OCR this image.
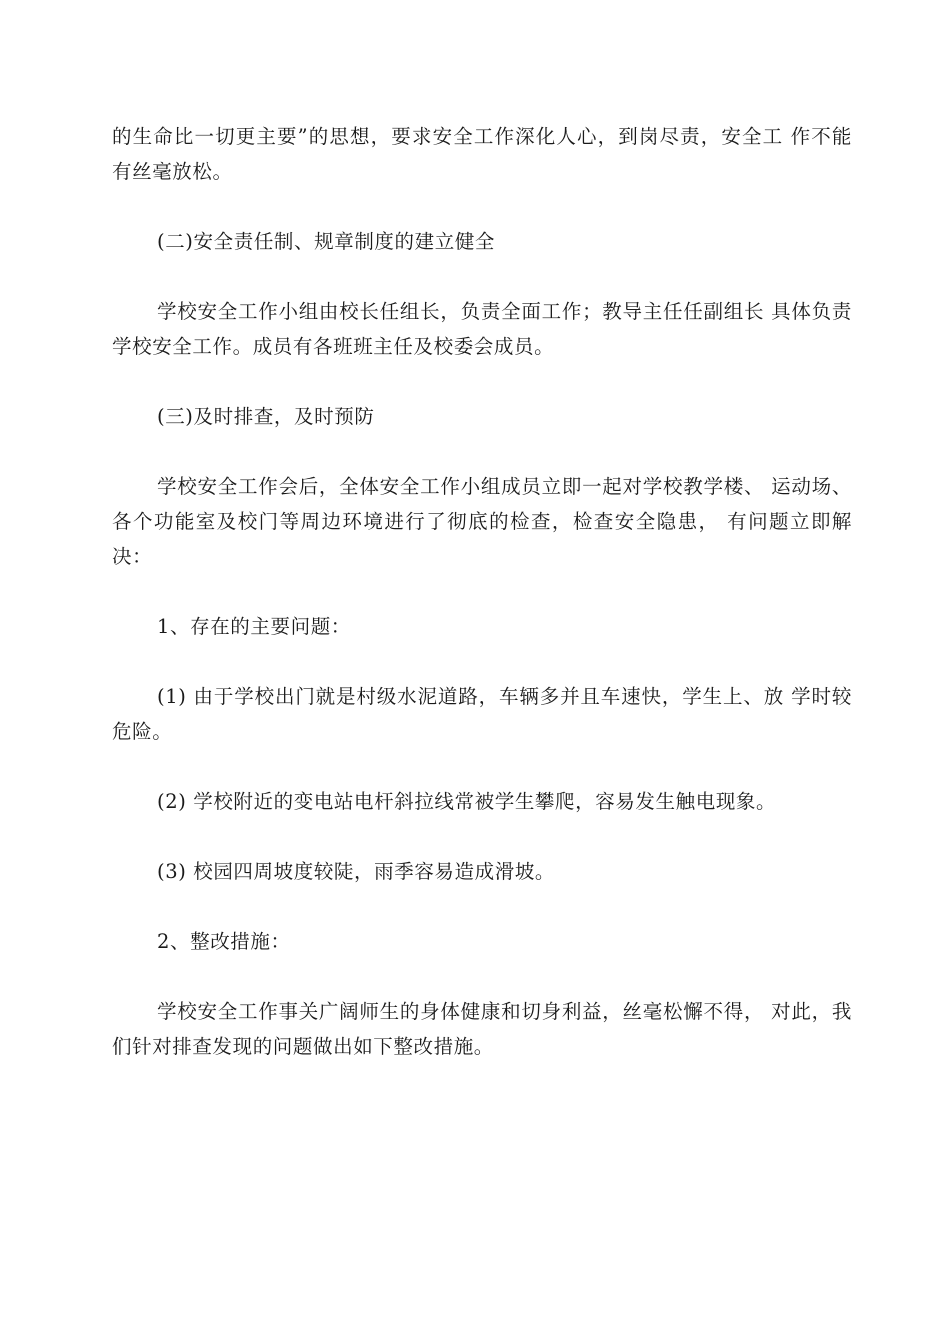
的生命比一切更主要”的思想，要求安全工作深化人心，到岗尽责，安全工 作不能有丝毫放松。

(二)安全责任制、规章制度的建立健全

学校安全工作小组由校长任组长，负责全面工作；教导主任任副组长 具体负责学校安全工作。成员有各班班主任及校委会成员。

(三)及时排查，及时预防

学校安全工作会后，全体安全工作小组成员立即一起对学校教学楼、 运动场、各个功能室及校门等周边环境进行了彻底的检查，检查安全隐患， 有问题立即解决：

1、存在的主要问题：

(1) 由于学校出门就是村级水泥道路，车辆多并且车速快，学生上、放 学时较危险。

(2) 学校附近的变电站电杆斜拉线常被学生攀爬，容易发生触电现象。

(3) 校园四周坡度较陡，雨季容易造成滑坡。

2、整改措施：

学校安全工作事关广阔师生的身体健康和切身利益，丝毫松懈不得， 对此，我们针对排查发现的问题做出如下整改措施。
